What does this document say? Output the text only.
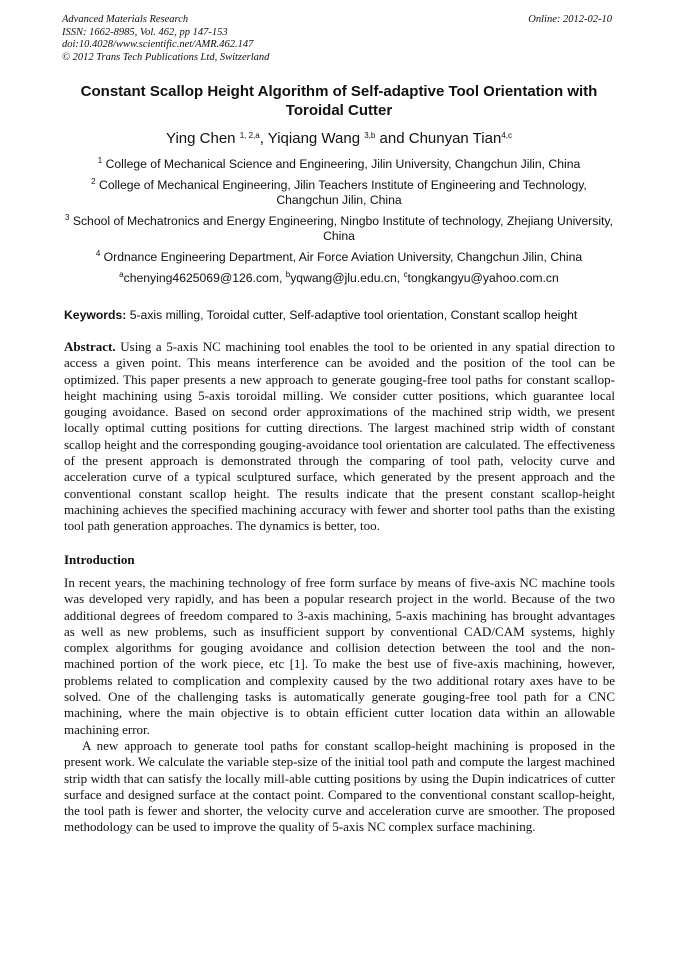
Advanced Materials Research
ISSN: 1662-8985, Vol. 462, pp 147-153
doi:10.4028/www.scientific.net/AMR.462.147
© 2012 Trans Tech Publications Ltd, Switzerland
Online: 2012-02-10
Constant Scallop Height Algorithm of Self-adaptive Tool Orientation with Toroidal Cutter
Ying Chen $^{1, 2,a}$, Yiqiang Wang $^{3,b}$ and Chunyan Tian$^{4,c}$
$^1$ College of Mechanical Science and Engineering, Jilin University, Changchun Jilin, China
$^2$ College of Mechanical Engineering, Jilin Teachers Institute of Engineering and Technology, Changchun Jilin, China
$^3$ School of Mechatronics and Energy Engineering, Ningbo Institute of technology, Zhejiang University, China
$^4$ Ordnance Engineering Department, Air Force Aviation University, Changchun Jilin, China
$^a$chenying4625069@126.com, $^b$yqwang@jlu.edu.cn, $^c$tongkangyu@yahoo.com.cn
Keywords: 5-axis milling, Toroidal cutter, Self-adaptive tool orientation, Constant scallop height

Abstract. Using a 5-axis NC machining tool enables the tool to be oriented in any spatial direction to access a given point. This means interference can be avoided and the position of the tool can be optimized. This paper presents a new approach to generate gouging-free tool paths for constant scallop-height machining using 5-axis toroidal milling. We consider cutter positions, which guarantee local gouging avoidance. Based on second order approximations of the machined strip width, we present locally optimal cutting positions for cutting directions. The largest machined strip width of constant scallop height and the corresponding gouging-avoidance tool orientation are calculated. The effectiveness of the present approach is demonstrated through the comparing of tool path, velocity curve and acceleration curve of a typical sculptured surface, which generated by the present approach and the conventional constant scallop height. The results indicate that the present constant scallop-height machining achieves the specified machining accuracy with fewer and shorter tool paths than the existing tool path generation approaches. The dynamics is better, too.

Introduction

In recent years, the machining technology of free form surface by means of five-axis NC machine tools was developed very rapidly, and has been a popular research project in the world. Because of the two additional degrees of freedom compared to 3-axis machining, 5-axis machining has brought advantages as well as new problems, such as insufficient support by conventional CAD/CAM systems, highly complex algorithms for gouging avoidance and collision detection between the tool and the non-machined portion of the work piece, etc [1]. To make the best use of five-axis machining, however, problems related to complication and complexity caused by the two additional rotary axes have to be solved. One of the challenging tasks is automatically generate gouging-free tool path for a CNC machining, where the main objective is to obtain efficient cutter location data within an allowable machining error.

A new approach to generate tool paths for constant scallop-height machining is proposed in the present work. We calculate the variable step-size of the initial tool path and compute the largest machined strip width that can satisfy the locally mill-able cutting positions by using the Dupin indicatrices of cutter surface and designed surface at the contact point. Compared to the conventional constant scallop-height, the tool path is fewer and shorter, the velocity curve and acceleration curve are smoother. The proposed methodology can be used to improve the quality of 5-axis NC complex surface machining.
